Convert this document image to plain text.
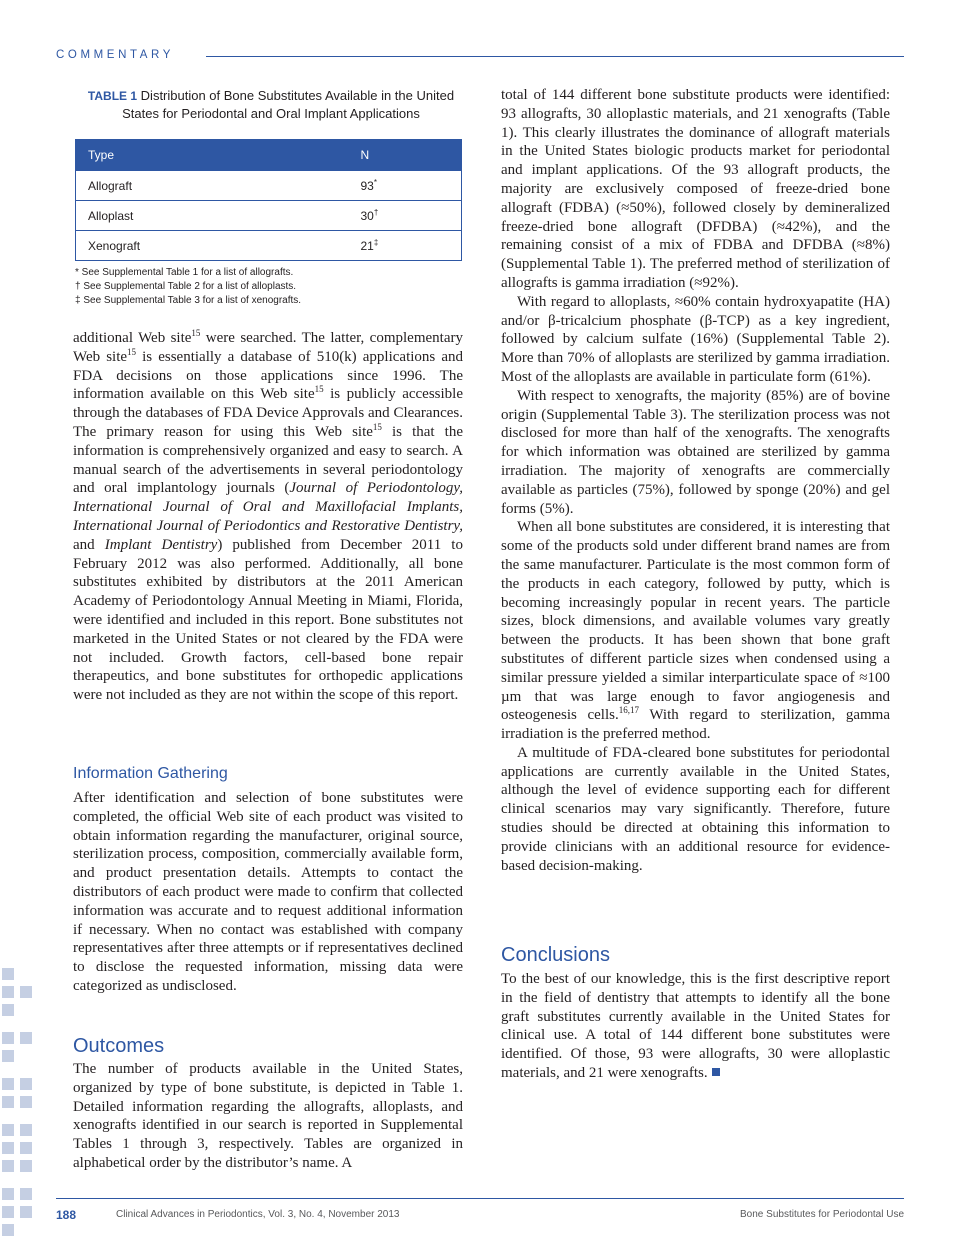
COMMENTARY
TABLE 1 Distribution of Bone Substitutes Available in the United States for Periodontal and Oral Implant Applications
Type	N
Allograft	93*
Alloplast	30†
Xenograft	21‡
* See Supplemental Table 1 for a list of allografts.
† See Supplemental Table 2 for a list of alloplasts.
‡ See Supplemental Table 3 for a list of xenografts.

additional Web site$^{15}$ were searched. The latter, complementary Web site$^{15}$ is essentially a database of 510(k) applications and FDA decisions on those applications since 1996. The information available on this Web site$^{15}$ is publicly accessible through the databases of FDA Device Approvals and Clearances. The primary reason for using this Web site$^{15}$ is that the information is comprehensively organized and easy to search. A manual search of the advertisements in several periodontology and oral implantology journals (Journal of Periodontology, International Journal of Oral and Maxillofacial Implants, International Journal of Periodontics and Restorative Dentistry, and Implant Dentistry) published from December 2011 to February 2012 was also performed. Additionally, all bone substitutes exhibited by distributors at the 2011 American Academy of Periodontology Annual Meeting in Miami, Florida, were identified and included in this report. Bone substitutes not marketed in the United States or not cleared by the FDA were not included. Growth factors, cell-based bone repair therapeutics, and bone substitutes for orthopedic applications were not included as they are not within the scope of this report.

Information Gathering

After identification and selection of bone substitutes were completed, the official Web site of each product was visited to obtain information regarding the manufacturer, original source, sterilization process, composition, commercially available form, and product presentation details. Attempts to contact the distributors of each product were made to confirm that collected information was accurate and to request additional information if necessary. When no contact was established with company representatives after three attempts or if representatives declined to disclose the requested information, missing data were categorized as undisclosed.

Outcomes

The number of products available in the United States, organized by type of bone substitute, is depicted in Table 1. Detailed information regarding the allografts, alloplasts, and xenografts identified in our search is reported in Supplemental Tables 1 through 3, respectively. Tables are organized in alphabetical order by the distributor’s name. A

total of 144 different bone substitute products were identified: 93 allografts, 30 alloplastic materials, and 21 xenografts (Table 1). This clearly illustrates the dominance of allograft materials in the United States biologic products market for periodontal and implant applications. Of the 93 allograft products, the majority are exclusively composed of freeze-dried bone allograft (FDBA) (≈50%), followed closely by demineralized freeze-dried bone allograft (DFDBA) (≈42%), and the remaining consist of a mix of FDBA and DFDBA (≈8%) (Supplemental Table 1). The preferred method of sterilization of allografts is gamma irradiation (≈92%).

With regard to alloplasts, ≈60% contain hydroxyapatite (HA) and/or β-tricalcium phosphate (β-TCP) as a key ingredient, followed by calcium sulfate (16%) (Supplemental Table 2). More than 70% of alloplasts are sterilized by gamma irradiation. Most of the alloplasts are available in particulate form (61%).

With respect to xenografts, the majority (85%) are of bovine origin (Supplemental Table 3). The sterilization process was not disclosed for more than half of the xenografts. The xenografts for which information was obtained are sterilized by gamma irradiation. The majority of xenografts are commercially available as particles (75%), followed by sponge (20%) and gel forms (5%).

When all bone substitutes are considered, it is interesting that some of the products sold under different brand names are from the same manufacturer. Particulate is the most common form of the products in each category, followed by putty, which is becoming increasingly popular in recent years. The particle sizes, block dimensions, and available volumes vary greatly between the products. It has been shown that bone graft substitutes of different particle sizes when condensed using a similar pressure yielded a similar interparticulate space of ≈100 µm that was large enough to favor angiogenesis and osteogenesis cells.$^{16,17}$ With regard to sterilization, gamma irradiation is the preferred method.

A multitude of FDA-cleared bone substitutes for periodontal applications are currently available in the United States, although the level of evidence supporting each for different clinical scenarios may vary significantly. Therefore, future studies should be directed at obtaining this information to provide clinicians with an additional resource for evidence-based decision-making.

Conclusions

To the best of our knowledge, this is the first descriptive report in the field of dentistry that attempts to identify all the bone graft substitutes currently available in the United States for clinical use. A total of 144 different bone substitutes were identified. Of those, 93 were allografts, 30 were alloplastic materials, and 21 were xenografts.

188	Clinical Advances in Periodontics, Vol. 3, No. 4, November 2013	Bone Substitutes for Periodontal Use
